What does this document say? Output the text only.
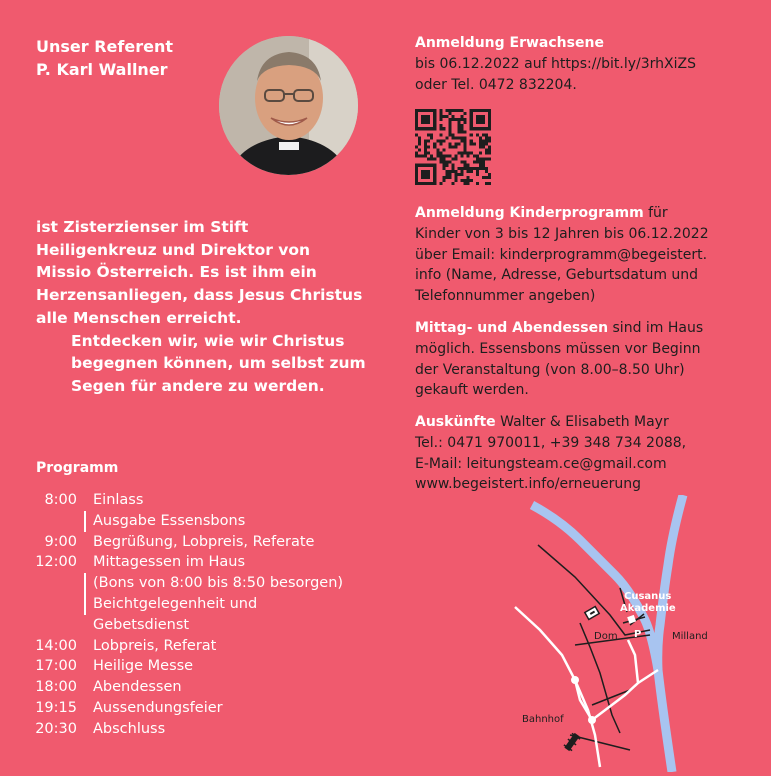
Unser Referent
P. Karl Wallner
ist Zisterzienser im Stift Heiligenkreuz und Direktor von Missio Österreich. Es ist ihm ein Herzensanliegen, dass Jesus Christus alle Menschen erreicht.
Entdecken wir, wie wir Christus begegnen können, um selbst zum Segen für andere zu werden.
Programm
8:00 Einlass
Ausgabe Essensbons
9:00 Begrüßung, Lobpreis, Referate
12:00 Mittagessen im Haus
(Bons von 8:00 bis 8:50 besorgen)
Beichtgelegenheit und
Gebetsdienst
14:00 Lobpreis, Referat
17:00 Heilige Messe
18:00 Abendessen
19:15 Aussendungsfeier
20:30 Abschluss
Anmeldung Erwachsene
bis 06.12.2022 auf https://bit.ly/3rhXiZS
oder Tel. 0472 832204.
Anmeldung Kinderprogramm für
Kinder von 3 bis 12 Jahren bis 06.12.2022
über Email: kinderprogramm@begeistert.
info (Name, Adresse, Geburtsdatum und
Telefonnummer angeben)
Mittag- und Abendessen sind im Haus
möglich. Essensbons müssen vor Beginn
der Veranstaltung (von 8.00–8.50 Uhr)
gekauft werden.
Auskünfte Walter & Elisabeth Mayr
Tel.: 0471 970011, +39 348 734 2088,
E-Mail: leitungsteam.ce@gmail.com
www.begeistert.info/erneuerung
P
Cusanus
Akademie
Dom	Milland
Bahnhof
